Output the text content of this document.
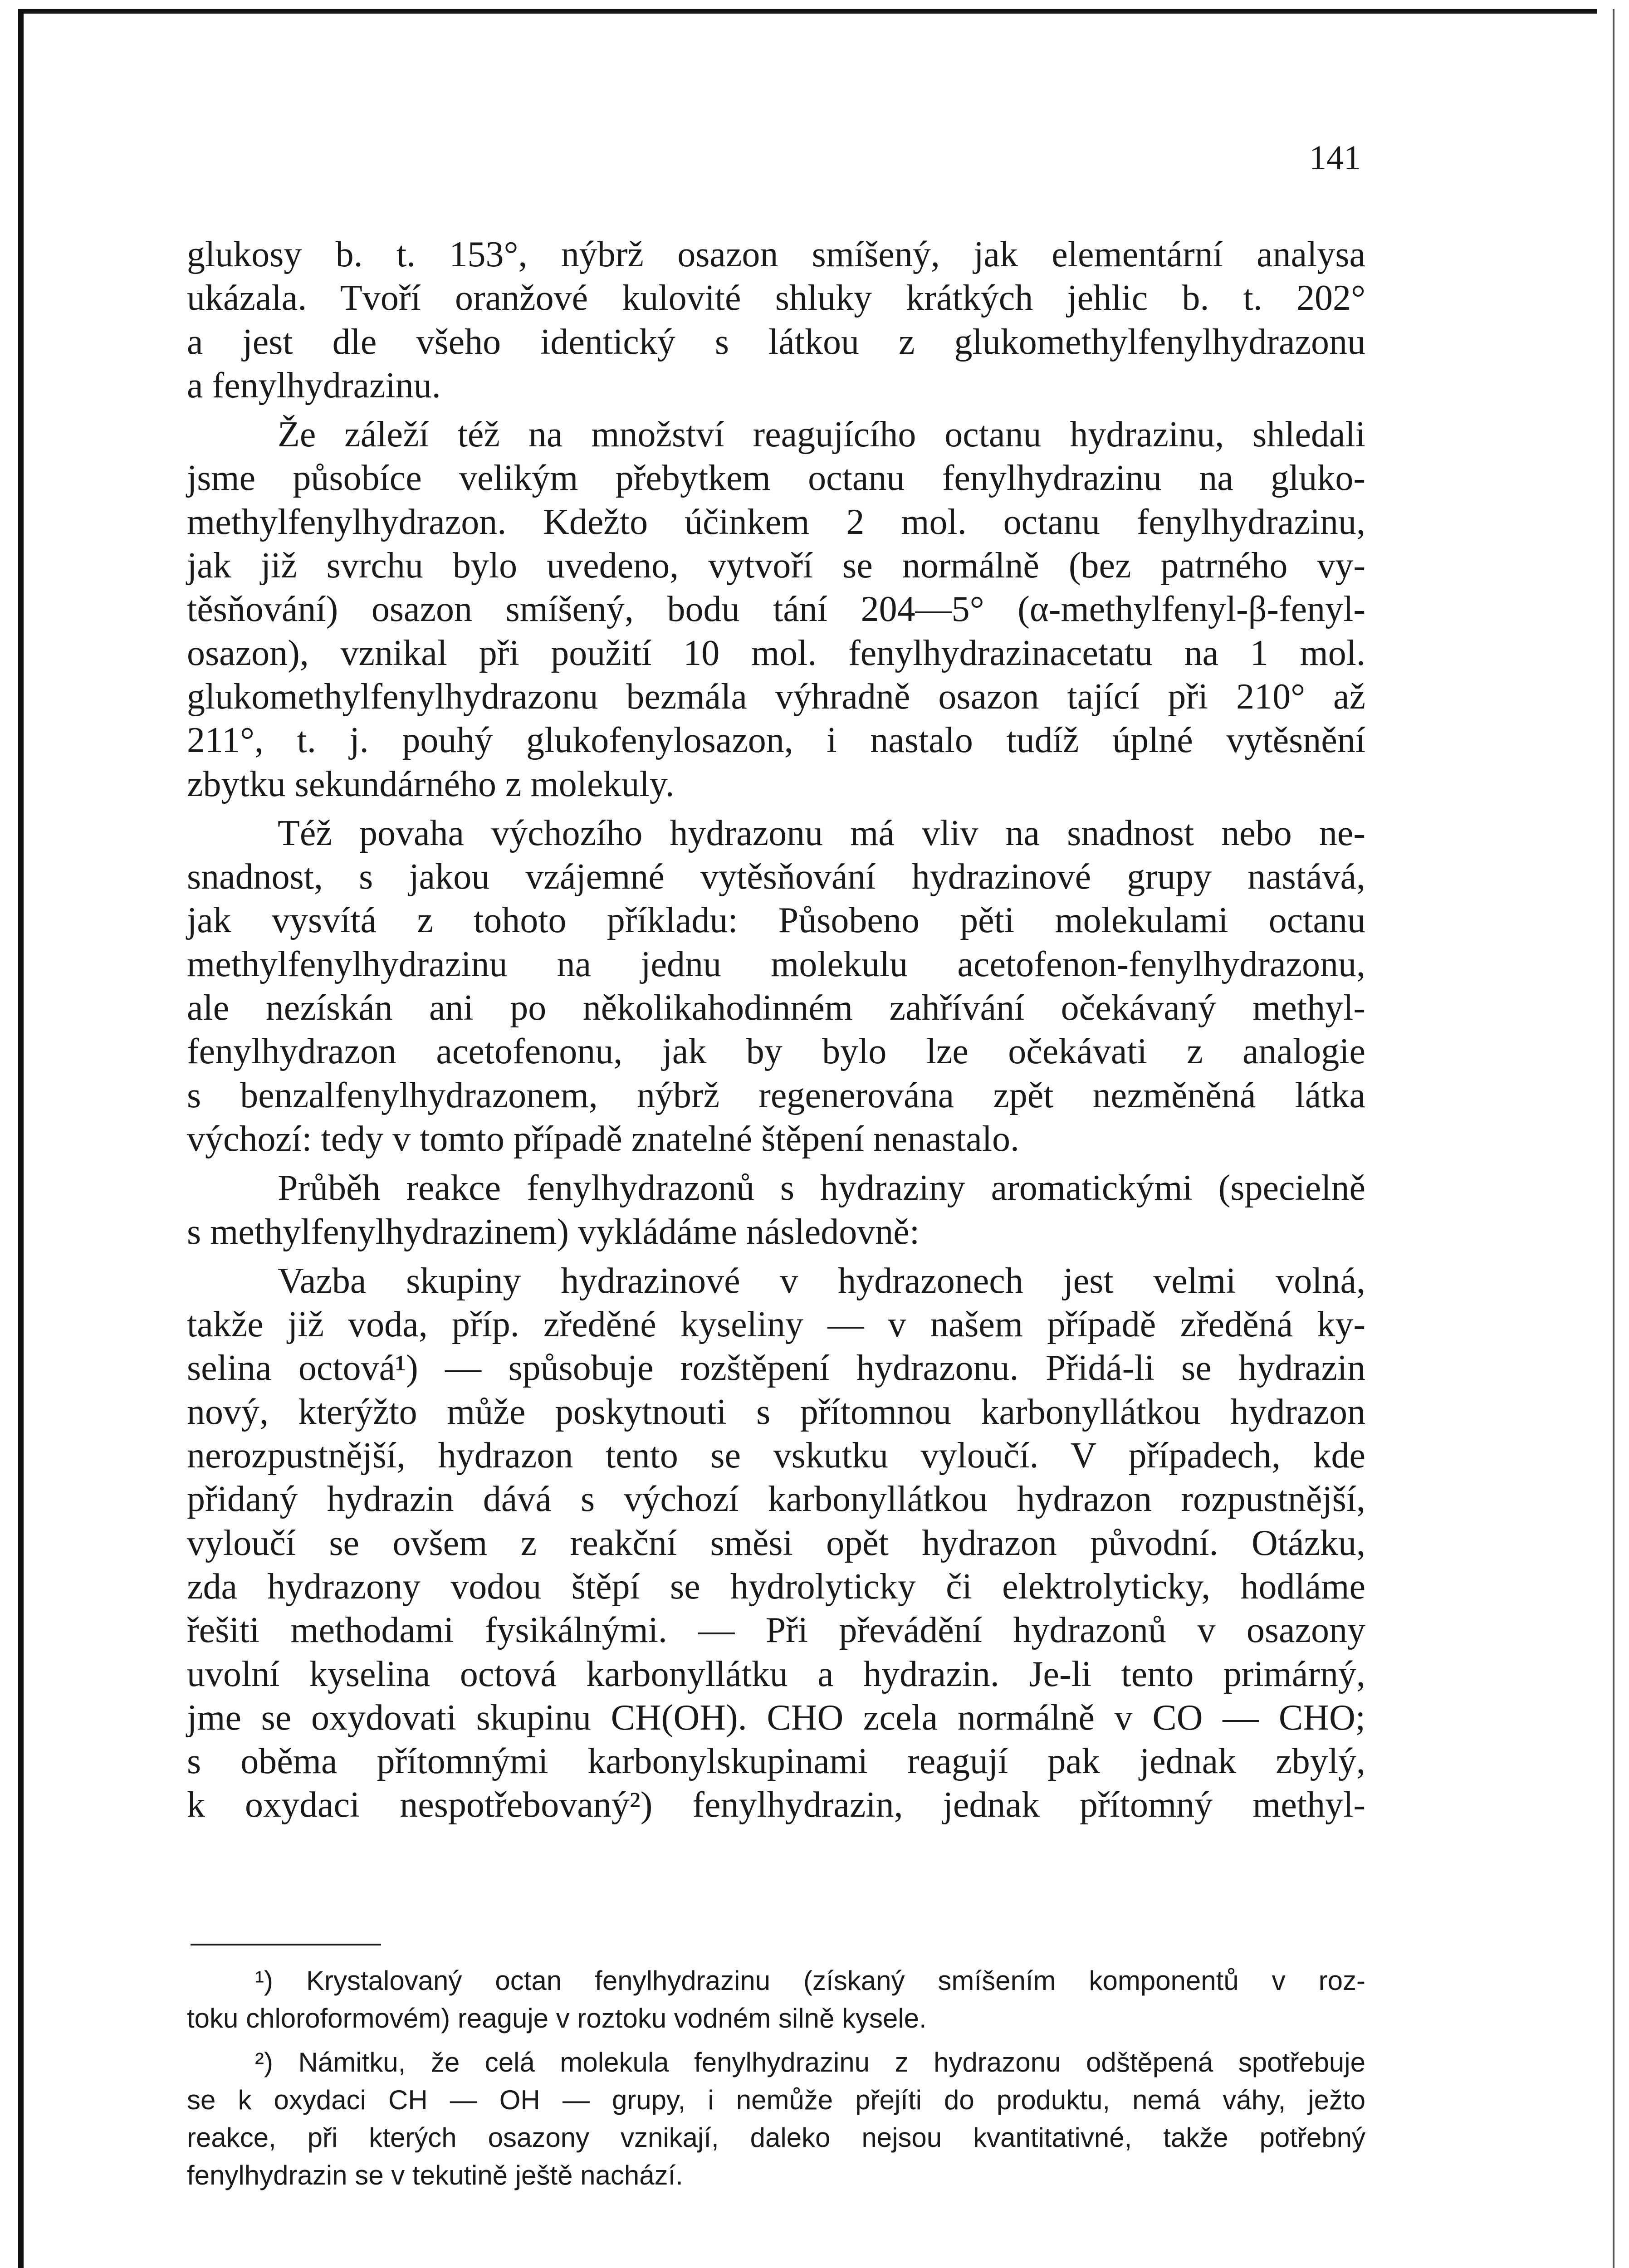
141

glukosy b. t. 153°, nýbrž osazon smíšený, jak elementární analysa
ukázala. Tvoří oranžové kulovité shluky krátkých jehlic b. t. 202°
a jest dle všeho identický s látkou z glukomethylfenylhydrazonu
a fenylhydrazinu.

Že záleží též na množství reagujícího octanu hydrazinu, shledali
jsme působíce velikým přebytkem octanu fenylhydrazinu na gluko-
methylfenylhydrazon. Kdežto účinkem 2 mol. octanu fenylhydrazinu,
jak již svrchu bylo uvedeno, vytvoří se normálně (bez patrného vy-
těsňování) osazon smíšený, bodu tání 204—5° (α-methylfenyl-β-fenyl-
osazon), vznikal při použití 10 mol. fenylhydrazinacetatu na 1 mol.
glukomethylfenylhydrazonu bezmála výhradně osazon tající při 210° až
211°, t. j. pouhý glukofenylosazon, i nastalo tudíž úplné vytěsnění
zbytku sekundárného z molekuly.

Též povaha výchozího hydrazonu má vliv na snadnost nebo ne-
snadnost, s jakou vzájemné vytěsňování hydrazinové grupy nastává,
jak vysvítá z tohoto příkladu: Působeno pěti molekulami octanu
methylfenylhydrazinu na jednu molekulu acetofenon-fenylhydrazonu,
ale nezískán ani po několikahodinném zahřívání očekávaný methyl-
fenylhydrazon acetofenonu, jak by bylo lze očekávati z analogie
s benzalfenylhydrazonem, nýbrž regenerována zpět nezměněná látka
výchozí: tedy v tomto případě znatelné štěpení nenastalo.

Průběh reakce fenylhydrazonů s hydraziny aromatickými (specielně
s methylfenylhydrazinem) vykládáme následovně:

Vazba skupiny hydrazinové v hydrazonech jest velmi volná,
takže již voda, příp. zředěné kyseliny — v našem případě zředěná ky-
selina octová¹) — spůsobuje rozštěpení hydrazonu. Přidá-li se hydrazin
nový, kterýžto může poskytnouti s přítomnou karbonyllátkou hydrazon
nerozpustnější, hydrazon tento se vskutku vyloučí. V případech, kde
přidaný hydrazin dává s výchozí karbonyllátkou hydrazon rozpustnější,
vyloučí se ovšem z reakční směsi opět hydrazon původní. Otázku,
zda hydrazony vodou štěpí se hydrolyticky či elektrolyticky, hodláme
řešiti methodami fysikálnými. — Při převádění hydrazonů v osazony
uvolní kyselina octová karbonyllátku a hydrazin. Je-li tento primárný,
jme se oxydovati skupinu CH(OH). CHO zcela normálně v CO — CHO;
s oběma přítomnými karbonylskupinami reagují pak jednak zbylý,
k oxydaci nespotřebovaný²) fenylhydrazin, jednak přítomný methyl-

¹) Krystalovaný octan fenylhydrazinu (získaný smíšením komponentů v roz-
toku chloroformovém) reaguje v roztoku vodném silně kysele.
²) Námitku, že celá molekula fenylhydrazinu z hydrazonu odštěpená spotřebuje
se k oxydaci CH — OH — grupy, i nemůže přejíti do produktu, nemá váhy, ježto
reakce, při kterých osazony vznikají, daleko nejsou kvantitativné, takže potřebný
fenylhydrazin se v tekutině ještě nachází.
